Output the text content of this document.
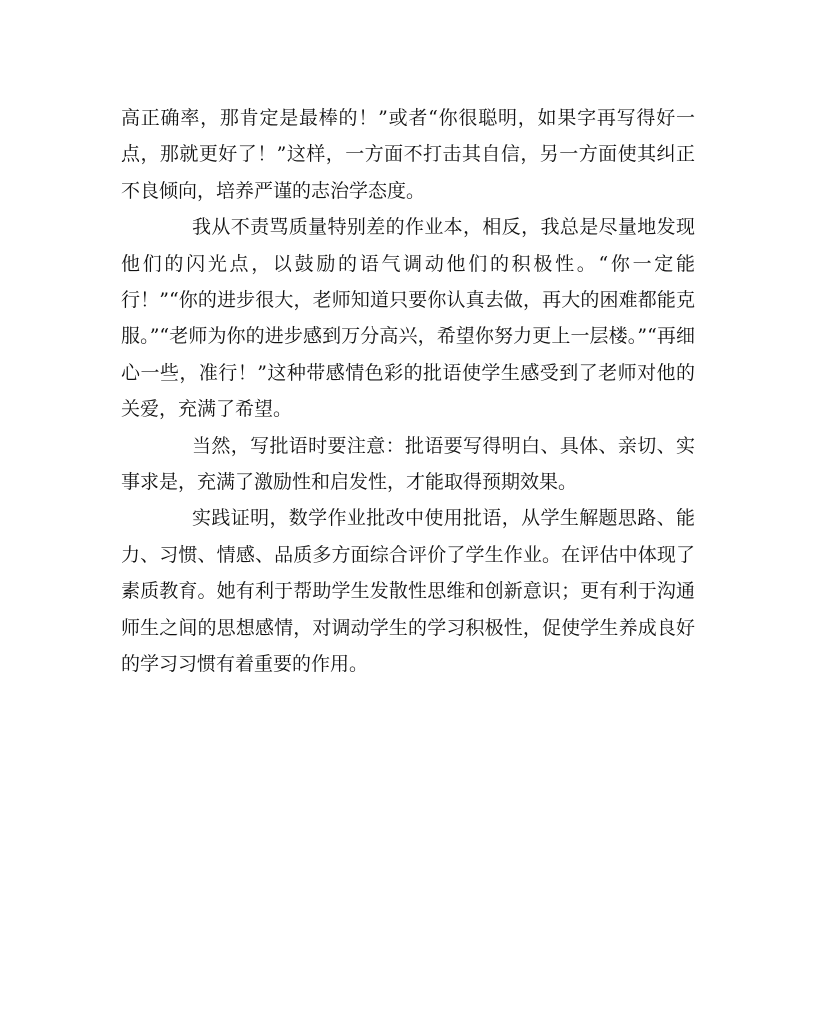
高正确率，那肯定是最棒的！”或者“你很聪明，如果字再写得好一点，那就更好了！”这样，一方面不打击其自信，另一方面使其纠正不良倾向，培养严谨的志治学态度。

我从不责骂质量特别差的作业本，相反，我总是尽量地发现他们的闪光点，以鼓励的语气调动他们的积极性。“你一定能行！”“你的进步很大，老师知道只要你认真去做，再大的困难都能克服。”“老师为你的进步感到万分高兴，希望你努力更上一层楼。”“再细心一些，准行！”这种带感情色彩的批语使学生感受到了老师对他的关爱，充满了希望。

当然，写批语时要注意：批语要写得明白、具体、亲切、实事求是，充满了激励性和启发性，才能取得预期效果。

实践证明，数学作业批改中使用批语，从学生解题思路、能力、习惯、情感、品质多方面综合评价了学生作业。在评估中体现了素质教育。她有利于帮助学生发散性思维和创新意识；更有利于沟通师生之间的思想感情，对调动学生的学习积极性，促使学生养成良好的学习习惯有着重要的作用。
